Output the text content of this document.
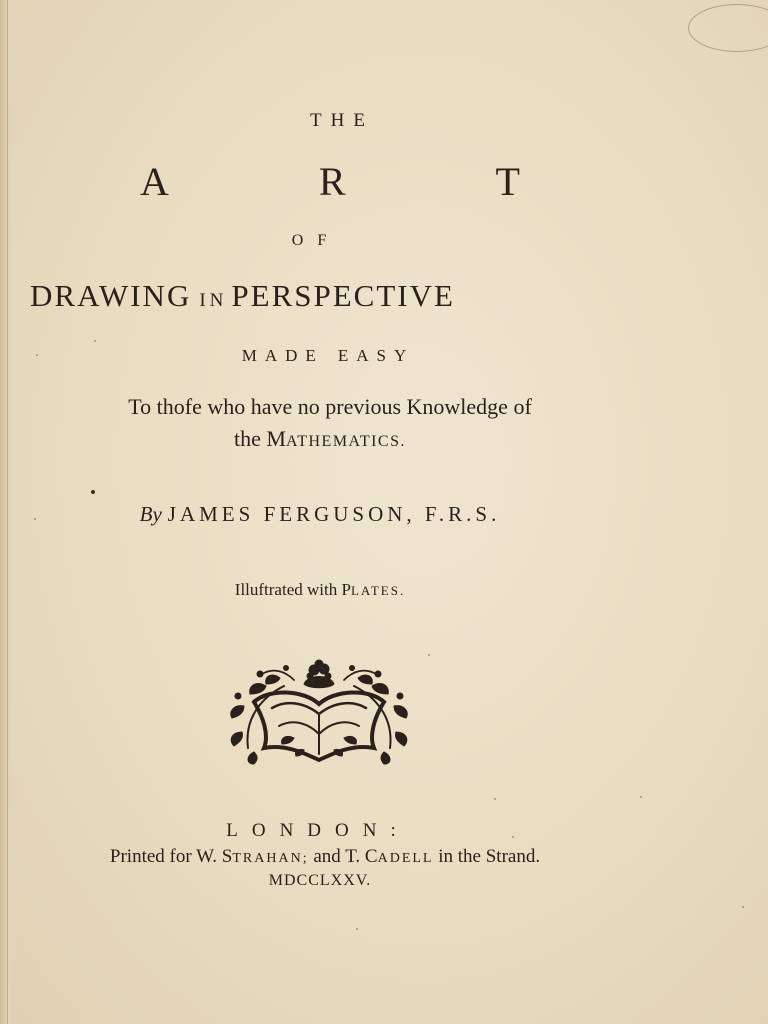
THE
A	R	T
OF
DRAWING IN PERSPECTIVE
MADE EASY
To thofe who have no previous Knowledge of
the MATHEMATICS.
By JAMES FERGUSON, F.R.S.
Illuftrated with PLATES.
LONDON:
Printed for W. STRAHAN; and T. CADELL in the Strand.
MDCCLXXV.
